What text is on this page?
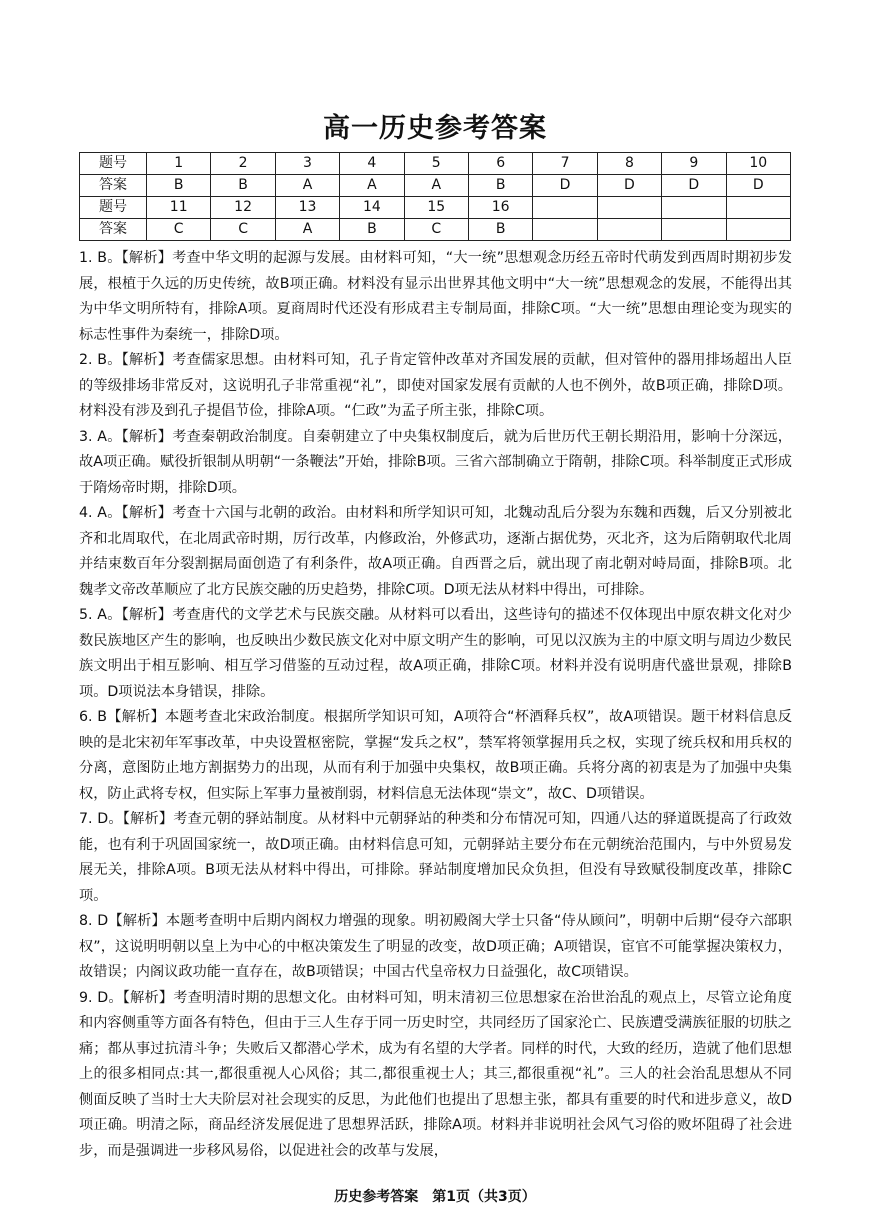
高一历史参考答案
题号	1	2	3	4	5	6	7	8	9	10
答案	B	B	A	A	A	B	D	D	D	D
题号	11	12	13	14	15	16				
答案	C	C	A	B	C	B				

1. B。【解析】考查中华文明的起源与发展。由材料可知，“大一统”思想观念历经五帝时代萌发到西周时期初步发展，根植于久远的历史传统，故B项正确。材料没有显示出世界其他文明中“大一统”思想观念的发展，不能得出其为中华文明所特有，排除A项。夏商周时代还没有形成君主专制局面，排除C项。“大一统”思想由理论变为现实的标志性事件为秦统一，排除D项。

2. B。【解析】考查儒家思想。由材料可知，孔子肯定管仲改革对齐国发展的贡献，但对管仲的器用排场超出人臣的等级排场非常反对，这说明孔子非常重视“礼”，即使对国家发展有贡献的人也不例外，故B项正确，排除D项。材料没有涉及到孔子提倡节俭，排除A项。“仁政”为孟子所主张，排除C项。

3. A。【解析】考查秦朝政治制度。自秦朝建立了中央集权制度后，就为后世历代王朝长期沿用，影响十分深远，故A项正确。赋役折银制从明朝“一条鞭法”开始，排除B项。三省六部制确立于隋朝，排除C项。科举制度正式形成于隋炀帝时期，排除D项。

4. A。【解析】考查十六国与北朝的政治。由材料和所学知识可知，北魏动乱后分裂为东魏和西魏，后又分别被北齐和北周取代，在北周武帝时期，厉行改革，内修政治，外修武功，逐渐占据优势，灭北齐，这为后隋朝取代北周并结束数百年分裂割据局面创造了有利条件，故A项正确。自西晋之后，就出现了南北朝对峙局面，排除B项。北魏孝文帝改革顺应了北方民族交融的历史趋势，排除C项。D项无法从材料中得出，可排除。

5. A。【解析】考查唐代的文学艺术与民族交融。从材料可以看出，这些诗句的描述不仅体现出中原农耕文化对少数民族地区产生的影响，也反映出少数民族文化对中原文明产生的影响，可见以汉族为主的中原文明与周边少数民族文明出于相互影响、相互学习借鉴的互动过程，故A项正确，排除C项。材料并没有说明唐代盛世景观，排除B项。D项说法本身错误，排除。

6. B【解析】本题考查北宋政治制度。根据所学知识可知，A项符合“杯酒释兵权”，故A项错误。题干材料信息反映的是北宋初年军事改革，中央设置枢密院，掌握“发兵之权”，禁军将领掌握用兵之权，实现了统兵权和用兵权的分离，意图防止地方割据势力的出现，从而有利于加强中央集权，故B项正确。兵将分离的初衷是为了加强中央集权，防止武将专权，但实际上军事力量被削弱，材料信息无法体现“崇文”，故C、D项错误。

7. D。【解析】考查元朝的驿站制度。从材料中元朝驿站的种类和分布情况可知，四通八达的驿道既提高了行政效能，也有利于巩固国家统一，故D项正确。由材料信息可知，元朝驿站主要分布在元朝统治范围内，与中外贸易发展无关，排除A项。B项无法从材料中得出，可排除。驿站制度增加民众负担，但没有导致赋役制度改革，排除C项。

8. D【解析】本题考查明中后期内阁权力增强的现象。明初殿阁大学士只备“侍从顾问”，明朝中后期“侵夺六部职权”，这说明明朝以皇上为中心的中枢决策发生了明显的改变，故D项正确；A项错误，宦官不可能掌握决策权力，故错误；内阁议政功能一直存在，故B项错误；中国古代皇帝权力日益强化，故C项错误。

9. D。【解析】考查明清时期的思想文化。由材料可知，明末清初三位思想家在治世治乱的观点上，尽管立论角度和内容侧重等方面各有特色，但由于三人生存于同一历史时空，共同经历了国家沦亡、民族遭受满族征服的切肤之痛；都从事过抗清斗争；失败后又都潜心学术，成为有名望的大学者。同样的时代，大致的经历，造就了他们思想上的很多相同点:其一,都很重视人心风俗；其二,都很重视士人；其三,都很重视“礼”。三人的社会治乱思想从不同侧面反映了当时士大夫阶层对社会现实的反思，为此他们也提出了思想主张，都具有重要的时代和进步意义，故D项正确。明清之际，商品经济发展促进了思想界活跃，排除A项。材料并非说明社会风气习俗的败坏阻碍了社会进步，而是强调进一步移风易俗，以促进社会的改革与发展，

历史参考答案　第1页（共3页）
